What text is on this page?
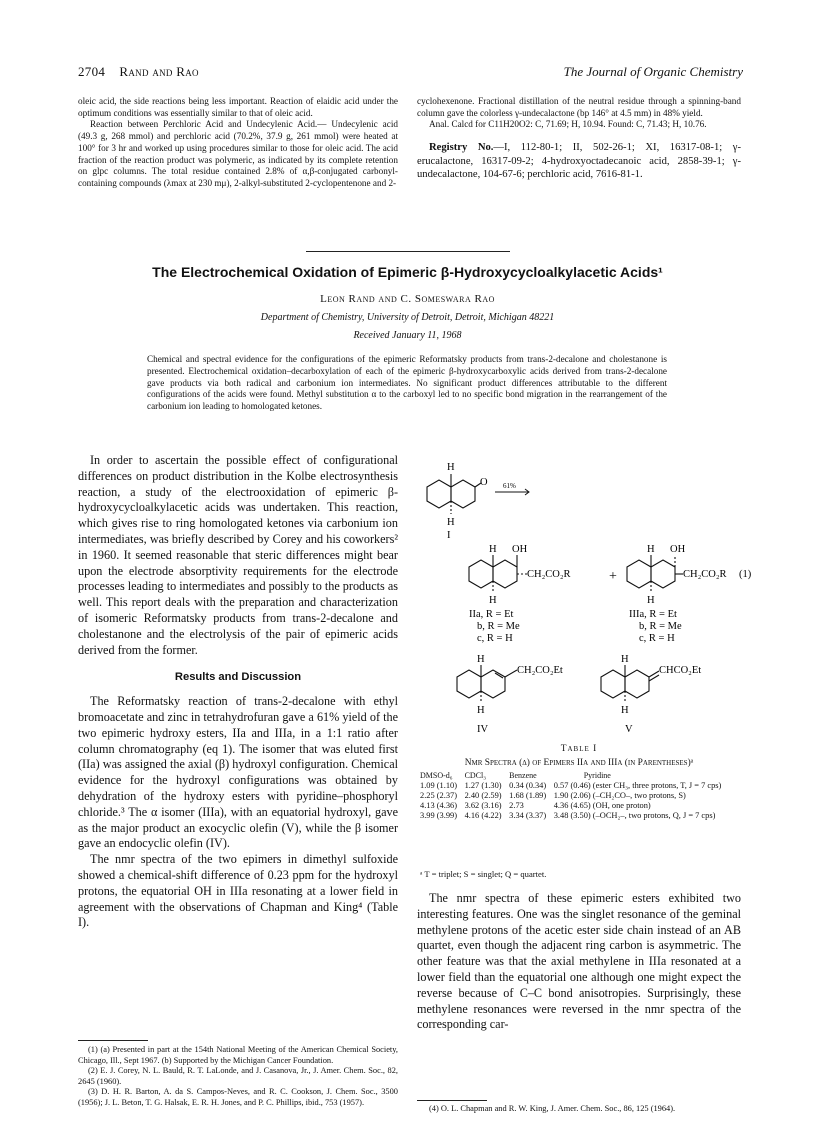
2704 Rand and Rao	The Journal of Organic Chemistry

oleic acid, the side reactions being less important. Reaction of elaidic acid under the optimum conditions was essentially similar to that of oleic acid.

Reaction between Perchloric Acid and Undecylenic Acid.— Undecylenic acid (49.3 g, 268 mmol) and perchloric acid (70.2%, 37.9 g, 261 mmol) were heated at 100° for 3 hr and worked up using procedures similar to those for oleic acid. The acid fraction of the reaction product was polymeric, as indicated by its complete retention on glpc columns. The total residue contained 2.8% of α,β-conjugated carbonyl-containing compounds (λmax at 230 mμ), 2-alkyl-substituted 2-cyclopentenone and 2-

cyclohexenone. Fractional distillation of the neutral residue through a spinning-band column gave the colorless γ-undecalactone (bp 146° at 4.5 mm) in 48% yield.

Anal. Calcd for C11H20O2: C, 71.69; H, 10.94. Found: C, 71.43; H, 10.76.

Registry No.—I, 112-80-1; II, 502-26-1; XI, 16317-08-1; γ-erucalactone, 16317-09-2; 4-hydroxyoctadecanoic acid, 2858-39-1; γ-undecalactone, 104-67-6; perchloric acid, 7616-81-1.

The Electrochemical Oxidation of Epimeric β-Hydroxycycloalkylacetic Acids¹
Leon Rand and C. Someswara Rao
Department of Chemistry, University of Detroit, Detroit, Michigan 48221
Received January 11, 1968
Chemical and spectral evidence for the configurations of the epimeric Reformatsky products from trans-2-decalone and cholestanone is presented. Electrochemical oxidation–decarboxylation of each of the epimeric β-hydroxycarboxylic acids derived from trans-2-decalone gave products via both radical and carbonium ion intermediates. No significant product differences attributable to the different configurations of the acids were found. Methyl substitution α to the carboxyl led to no specific bond migration in the rearrangement of the carbonium ion leading to homologated ketones.

In order to ascertain the possible effect of configurational differences on product distribution in the Kolbe electrosynthesis reaction, a study of the electrooxidation of epimeric β-hydroxycycloalkylacetic acids was undertaken. This reaction, which gives rise to ring homologated ketones via carbonium ion intermediates, was briefly described by Corey and his coworkers² in 1960. It seemed reasonable that steric differences might bear upon the electrode absorptivity requirements for the electrode processes leading to intermediates and possibly to the products as well. This report deals with the preparation and characterization of isomeric Reformatsky products from trans-2-decalone and cholestanone and the electrolysis of the pair of epimeric acids derived from the former.

Results and Discussion

The Reformatsky reaction of trans-2-decalone with ethyl bromoacetate and zinc in tetrahydrofuran gave a 61% yield of the two epimeric hydroxy esters, IIa and IIIa, in a 1:1 ratio after column chromatography (eq 1). The isomer that was eluted first (IIa) was assigned the axial (β) hydroxyl configuration. Chemical evidence for the hydroxyl configurations was obtained by dehydration of the hydroxy esters with pyridine–phosphoryl chloride.³ The α isomer (IIIa), with an equatorial hydroxyl, gave as the major product an exocyclic olefin (V), while the β isomer gave an endocyclic olefin (IV).

The nmr spectra of the two epimers in dimethyl sulfoxide showed a chemical-shift difference of 0.23 ppm for the hydroxyl protons, the equatorial OH in IIIa resonating at a lower field in agreement with the observations of Chapman and King⁴ (Table I).

(1) (a) Presented in part at the 154th National Meeting of the American Chemical Society, Chicago, Ill., Sept 1967. (b) Supported by the Michigan Cancer Foundation.

(2) E. J. Corey, N. L. Bauld, R. T. LaLonde, and J. Casanova, Jr., J. Amer. Chem. Soc., 82, 2645 (1960).

(3) D. H. R. Barton, A. da S. Campos-Neves, and R. C. Cookson, J. Chem. Soc., 3500 (1956); J. L. Beton, T. G. Halsak, E. R. H. Jones, and P. C. Phillips, ibid., 753 (1957).

H
H
O 61%
I
H OH
CH₂CO₂R
H
+
H OH
CH₂CO₂R (1)
H
IIa, R = Et
b, R = Me
c, R = H
IIIa, R = Et
b, R = Me
c, R = H
H
CH₂CO₂Et
H
IV
H
CHCO₂Et
H
V
Table I
Nmr Spectra (δ) of Epimers IIa and IIIa (in Parentheses)ᵃ
DMSO-d₆	CDCl₃	Benzene	Pyridine
1.09 (1.10)	1.27 (1.30)	0.34 (0.34)	0.57 (0.46) (ester CH₃, three protons, T, J = 7 cps)
2.25 (2.37)	2.40 (2.59)	1.68 (1.89)	1.90 (2.06) (–CH₂CO–, two protons, S)
4.13 (4.36)	3.62 (3.16)	2.73	4.36 (4.65) (OH, one proton)
3.99 (3.99)	4.16 (4.22)	3.34 (3.37)	3.48 (3.50) (–OCH₂–, two protons, Q, J = 7 cps)
ᵃ T = triplet; S = singlet; Q = quartet.

The nmr spectra of these epimeric esters exhibited two interesting features. One was the singlet resonance of the geminal methylene protons of the acetic ester side chain instead of an AB quartet, even though the adjacent ring carbon is asymmetric. The other feature was that the axial methylene in IIIa resonated at a lower field than the equatorial one although one might expect the reverse because of C–C bond anisotropies. Surprisingly, these methylene resonances were reversed in the nmr spectra of the corresponding car-

(4) O. L. Chapman and R. W. King, J. Amer. Chem. Soc., 86, 125 (1964).
